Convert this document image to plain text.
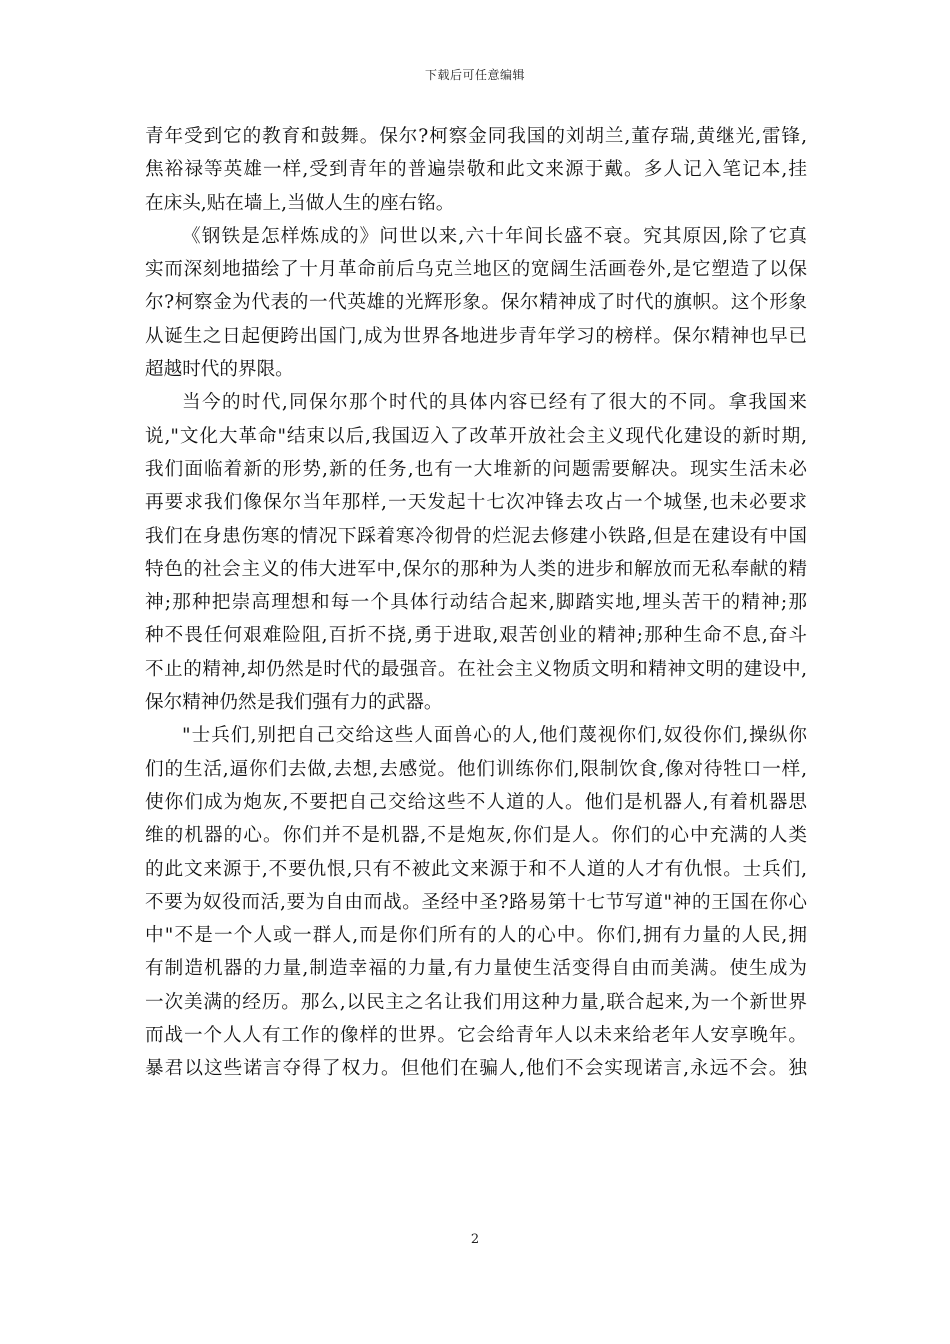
下载后可任意编辑
青年受到它的教育和鼓舞。保尔?柯察金同我国的刘胡兰,董存瑞,黄继光,雷锋,
焦裕禄等英雄一样,受到青年的普遍崇敬和此文来源于戴。多人记入笔记本,挂
在床头,贴在墙上,当做人生的座右铭。
《钢铁是怎样炼成的》问世以来,六十年间长盛不衰。究其原因,除了它真
实而深刻地描绘了十月革命前后乌克兰地区的宽阔生活画卷外,是它塑造了以保
尔?柯察金为代表的一代英雄的光辉形象。保尔精神成了时代的旗帜。这个形象
从诞生之日起便跨出国门,成为世界各地进步青年学习的榜样。保尔精神也早已
超越时代的界限。
当今的时代,同保尔那个时代的具体内容已经有了很大的不同。拿我国来
说,"文化大革命"结束以后,我国迈入了改革开放社会主义现代化建设的新时期,
我们面临着新的形势,新的任务,也有一大堆新的问题需要解决。现实生活未必
再要求我们像保尔当年那样,一天发起十七次冲锋去攻占一个城堡,也未必要求
我们在身患伤寒的情况下踩着寒冷彻骨的烂泥去修建小铁路,但是在建设有中国
特色的社会主义的伟大进军中,保尔的那种为人类的进步和解放而无私奉献的精
神;那种把崇高理想和每一个具体行动结合起来,脚踏实地,埋头苦干的精神;那
种不畏任何艰难险阻,百折不挠,勇于进取,艰苦创业的精神;那种生命不息,奋斗
不止的精神,却仍然是时代的最强音。在社会主义物质文明和精神文明的建设中,
保尔精神仍然是我们强有力的武器。
"士兵们,别把自己交给这些人面兽心的人,他们蔑视你们,奴役你们,操纵你
们的生活,逼你们去做,去想,去感觉。他们训练你们,限制饮食,像对待牲口一样,
使你们成为炮灰,不要把自己交给这些不人道的人。他们是机器人,有着机器思
维的机器的心。你们并不是机器,不是炮灰,你们是人。你们的心中充满的人类
的此文来源于,不要仇恨,只有不被此文来源于和不人道的人才有仇恨。士兵们,
不要为奴役而活,要为自由而战。圣经中圣?路易第十七节写道"神的王国在你心
中"不是一个人或一群人,而是你们所有的人的心中。你们,拥有力量的人民,拥
有制造机器的力量,制造幸福的力量,有力量使生活变得自由而美满。使生成为
一次美满的经历。那么,以民主之名让我们用这种力量,联合起来,为一个新世界
而战一个人人有工作的像样的世界。它会给青年人以未来给老年人安享晚年。
暴君以这些诺言夺得了权力。但他们在骗人,他们不会实现诺言,永远不会。独
2
